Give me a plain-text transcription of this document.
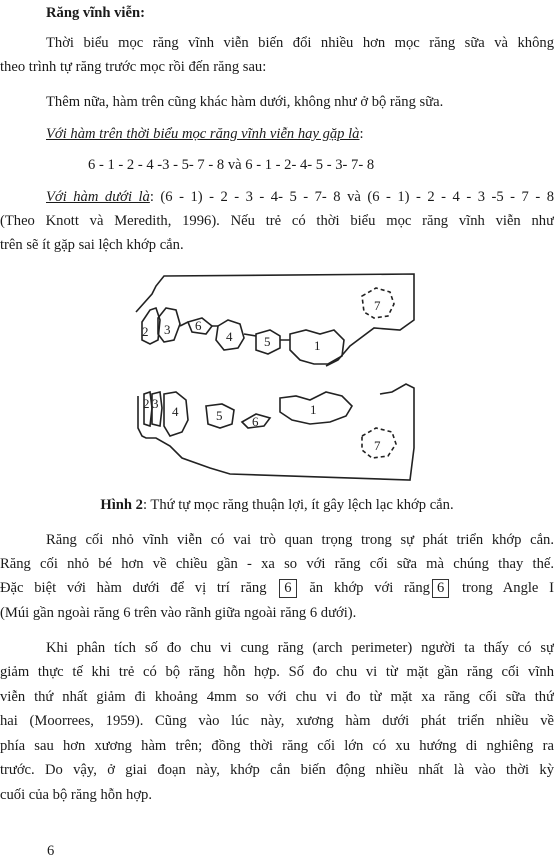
Răng vĩnh viễn:
Thời biểu mọc răng vĩnh viễn biến đổi nhiều hơn mọc răng sữa và không
theo trình tự răng trước mọc rồi đến răng sau:
Thêm nữa, hàm trên cũng khác hàm dưới, không như ở bộ răng sữa.
Với hàm trên thời biểu mọc răng vĩnh viễn hay gặp là:
6 - 1 - 2 - 4 -3 - 5- 7 - 8 và 6 - 1 - 2- 4- 5 - 3- 7- 8
Với hàm dưới là: (6 - 1) - 2 - 3 - 4- 5 - 7- 8 và (6 - 1) - 2 - 4 - 3 -5 - 7 - 8
(Theo Knott và Meredith, 1996). Nếu trẻ có thời biểu mọc răng vĩnh viễn như
trên sẽ ít gặp sai lệch khớp cắn.
2 3 6
4 5	1
7
2 3
4	5 6
1
7
Hình 2: Thứ tự mọc răng thuận lợi, ít gây lệch lạc khớp cắn.
Răng cối nhỏ vĩnh viễn có vai trò quan trọng trong sự phát triển khớp cắn.
Răng cối nhỏ bé hơn về chiều gần - xa so với răng cối sữa mà chúng thay thế.
Đặc biệt với hàm dưới để vị trí răng 6 ăn khớp với răng 6 trong Angle I
(Múi gần ngoài răng 6 trên vào rãnh giữa ngoài răng 6 dưới).
Khi phân tích số đo chu vi cung răng (arch perimeter) người ta thấy có sự
giảm thực tế khi trẻ có bộ răng hỗn hợp. Số đo chu vi từ mặt gần răng cối vĩnh
viễn thứ nhất giảm đi khoảng 4mm so với chu vi đo từ mặt xa răng cối sữa thứ
hai (Moorrees, 1959). Cũng vào lúc này, xương hàm dưới phát triển nhiều về
phía sau hơn xương hàm trên; đồng thời răng cối lớn có xu hướng di nghiêng ra
trước. Do vậy, ở giai đoạn này, khớp cắn biến động nhiều nhất là vào thời kỳ
cuối của bộ răng hỗn hợp.
6
